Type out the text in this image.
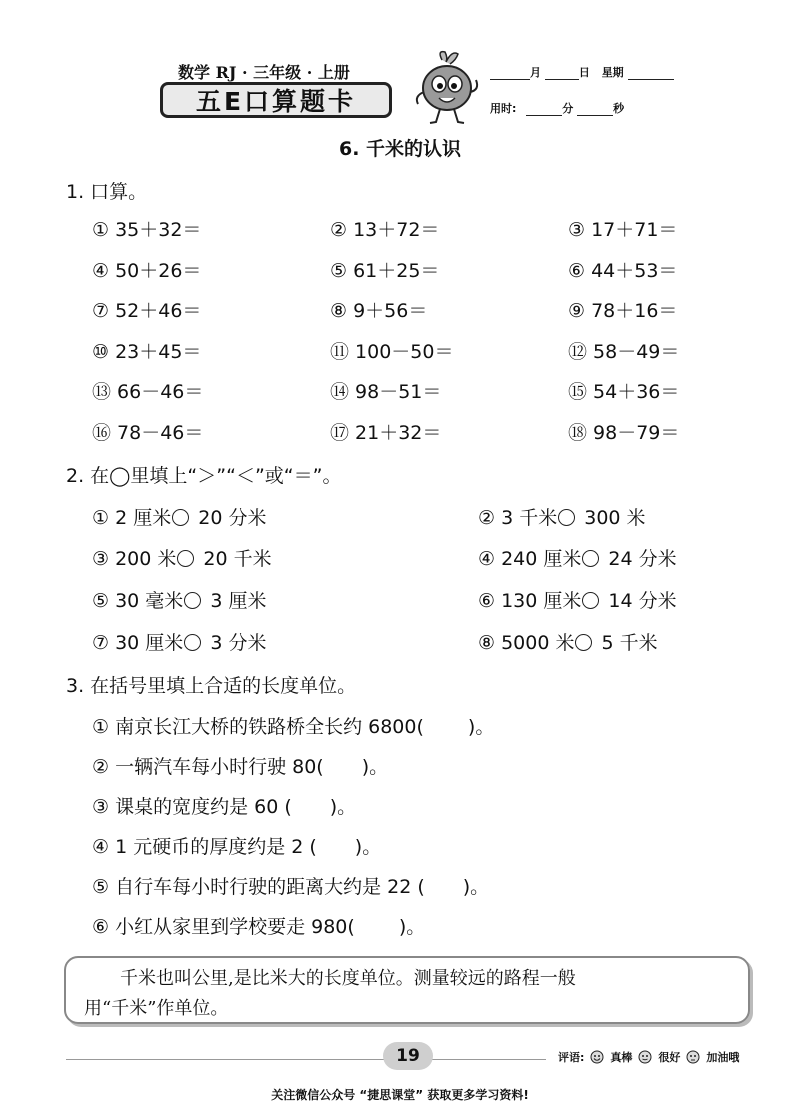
数学 RJ · 三年级 · 上册
五E口算题卡
月	日 星期
用时:	分	秒
6. 千米的认识
1. 口算。
① 35＋32＝	② 13＋72＝	③ 17＋71＝
④ 50＋26＝	⑤ 61＋25＝	⑥ 44＋53＝
⑦ 52＋46＝	⑧ 9＋56＝	⑨ 78＋16＝
⑩ 23＋45＝	⑪ 100－50＝	⑫ 58－49＝
⑬ 66－46＝	⑭ 98－51＝	⑮ 54＋36＝
⑯ 78－46＝	⑰ 21＋32＝	⑱ 98－79＝
2. 在◯里填上“＞”“＜”或“＝”。
① 2 厘米 20 分米	② 3 千米 300 米
③ 200 米 20 千米	④ 240 厘米 24 分米
⑤ 30 毫米 3 厘米	⑥ 130 厘米 14 分米
⑦ 30 厘米 3 分米	⑧ 5000 米 5 千米
3. 在括号里填上合适的长度单位。
① 南京长江大桥的铁路桥全长约 6800(　　 )。
② 一辆汽车每小时行驶 80(　　)。
③ 课桌的宽度约是 60 (　　)。
④ 1 元硬币的厚度约是 2 (　　)。
⑤ 自行车每小时行驶的距离大约是 22 (　　)。
⑥ 小红从家里到学校要走 980(　　 )。
千米也叫公里,是比米大的长度单位。测量较远的路程一般
用“千米”作单位。
19	评语: 真棒 很好 加油哦
关注微信公众号 “捷思课堂” 获取更多学习资料!
